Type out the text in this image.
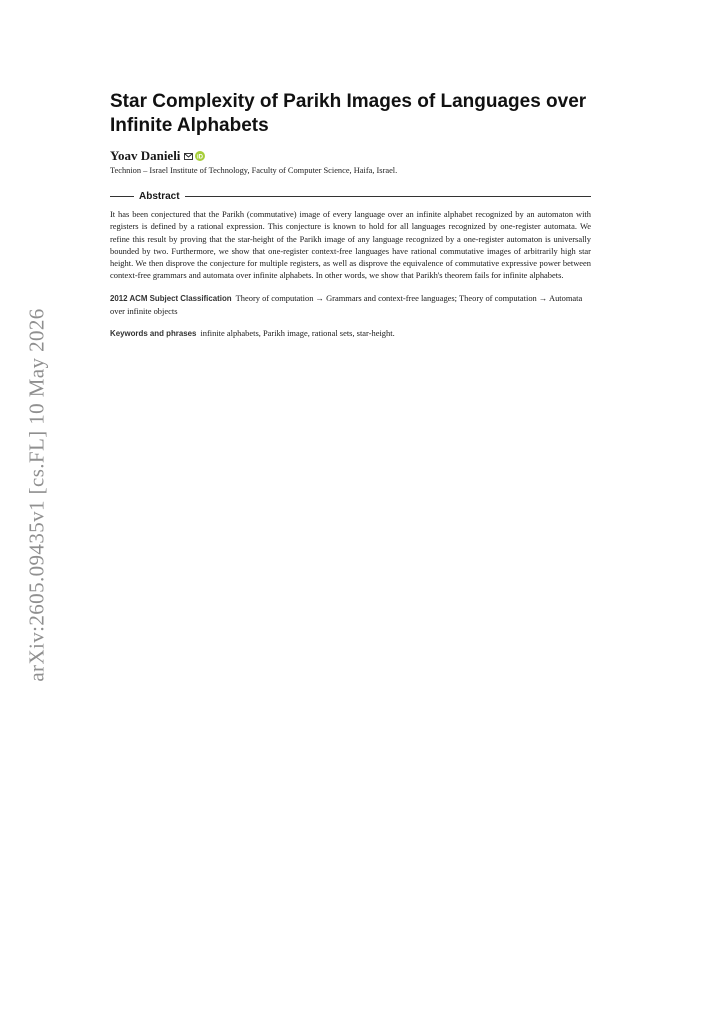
arXiv:2605.09435v1 [cs.FL] 10 May 2026
Star Complexity of Parikh Images of Languages over Infinite Alphabets
Yoav Danieli	iD
Technion – Israel Institute of Technology, Faculty of Computer Science, Haifa, Israel.
Abstract

It has been conjectured that the Parikh (commutative) image of every language over an infinite alphabet recognized by an automaton with registers is defined by a rational expression. This conjecture is known to hold for all languages recognized by one-register automata. We refine this result by proving that the star-height of the Parikh image of any language recognized by a one-register automaton is universally bounded by two. Furthermore, we show that one-register context-free languages have rational commutative images of arbitrarily high star height. We then disprove the conjecture for multiple registers, as well as disprove the equivalence of commutative expressive power between context-free grammars and automata over infinite alphabets. In other words, we show that Parikh's theorem fails for infinite alphabets.

2012 ACM Subject Classification Theory of computation → Grammars and context-free languages; Theory of computation → Automata over infinite objects
Keywords and phrases infinite alphabets, Parikh image, rational sets, star-height.
